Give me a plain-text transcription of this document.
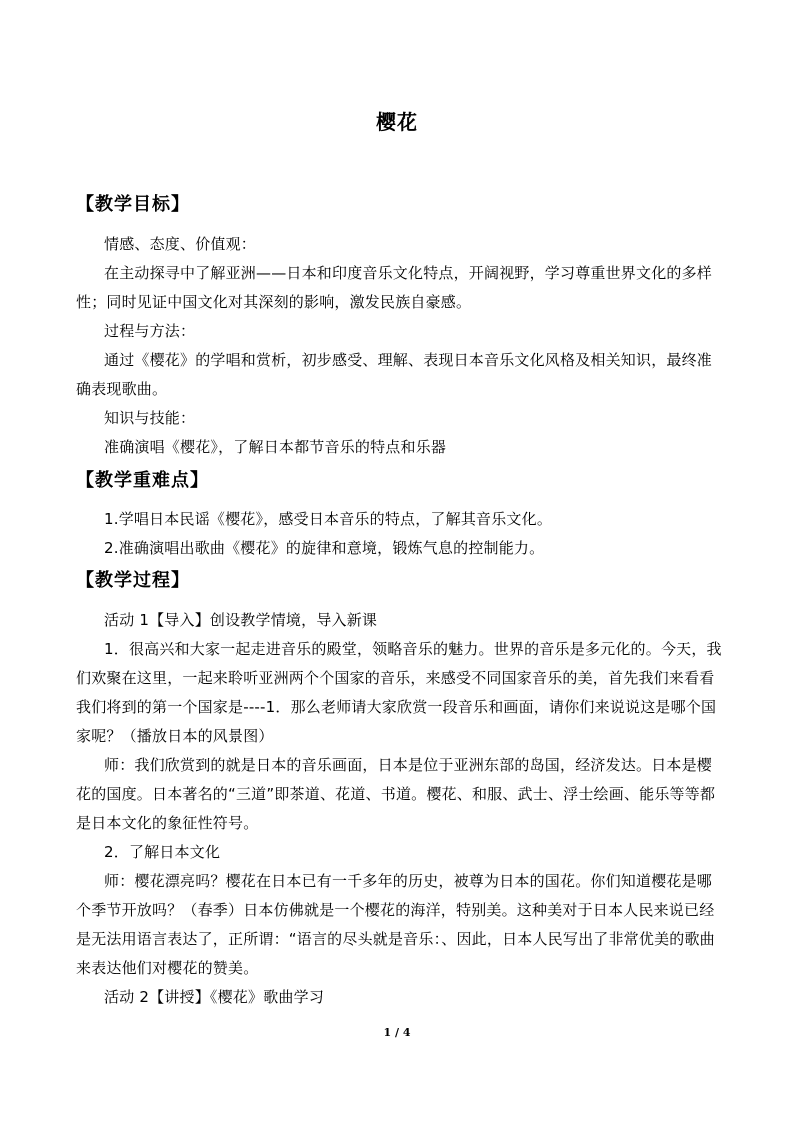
樱花
【教学目标】
情感、态度、价值观：
在主动探寻中了解亚洲——日本和印度音乐文化特点，开阔视野，学习尊重世界文化的多样性；同时见证中国文化对其深刻的影响，激发民族自豪感。
过程与方法：
通过《樱花》的学唱和赏析，初步感受、理解、表现日本音乐文化风格及相关知识，最终准确表现歌曲。
知识与技能：
准确演唱《樱花》，了解日本都节音乐的特点和乐器
【教学重难点】
1.学唱日本民谣《樱花》，感受日本音乐的特点，了解其音乐文化。
2.准确演唱出歌曲《樱花》的旋律和意境，锻炼气息的控制能力。
【教学过程】
活动 1【导入】创设教学情境，导入新课
1．很高兴和大家一起走进音乐的殿堂，领略音乐的魅力。世界的音乐是多元化的。今天，我们欢聚在这里，一起来聆听亚洲两个个国家的音乐，来感受不同国家音乐的美，首先我们来看看我们将到的第一个国家是----1．那么老师请大家欣赏一段音乐和画面，请你们来说说这是哪个国家呢？（播放日本的风景图）
师：我们欣赏到的就是日本的音乐画面，日本是位于亚洲东部的岛国，经济发达。日本是樱花的国度。日本著名的“三道”即茶道、花道、书道。樱花、和服、武士、浮士绘画、能乐等等都是日本文化的象征性符号。
2．了解日本文化
师：樱花漂亮吗？樱花在日本已有一千多年的历史，被尊为日本的国花。你们知道樱花是哪个季节开放吗？（春季）日本仿佛就是一个樱花的海洋，特别美。这种美对于日本人民来说已经是无法用语言表达了，正所谓：“语言的尽头就是音乐：、因此，日本人民写出了非常优美的歌曲来表达他们对樱花的赞美。
活动 2【讲授】《樱花》歌曲学习
1 / 4
